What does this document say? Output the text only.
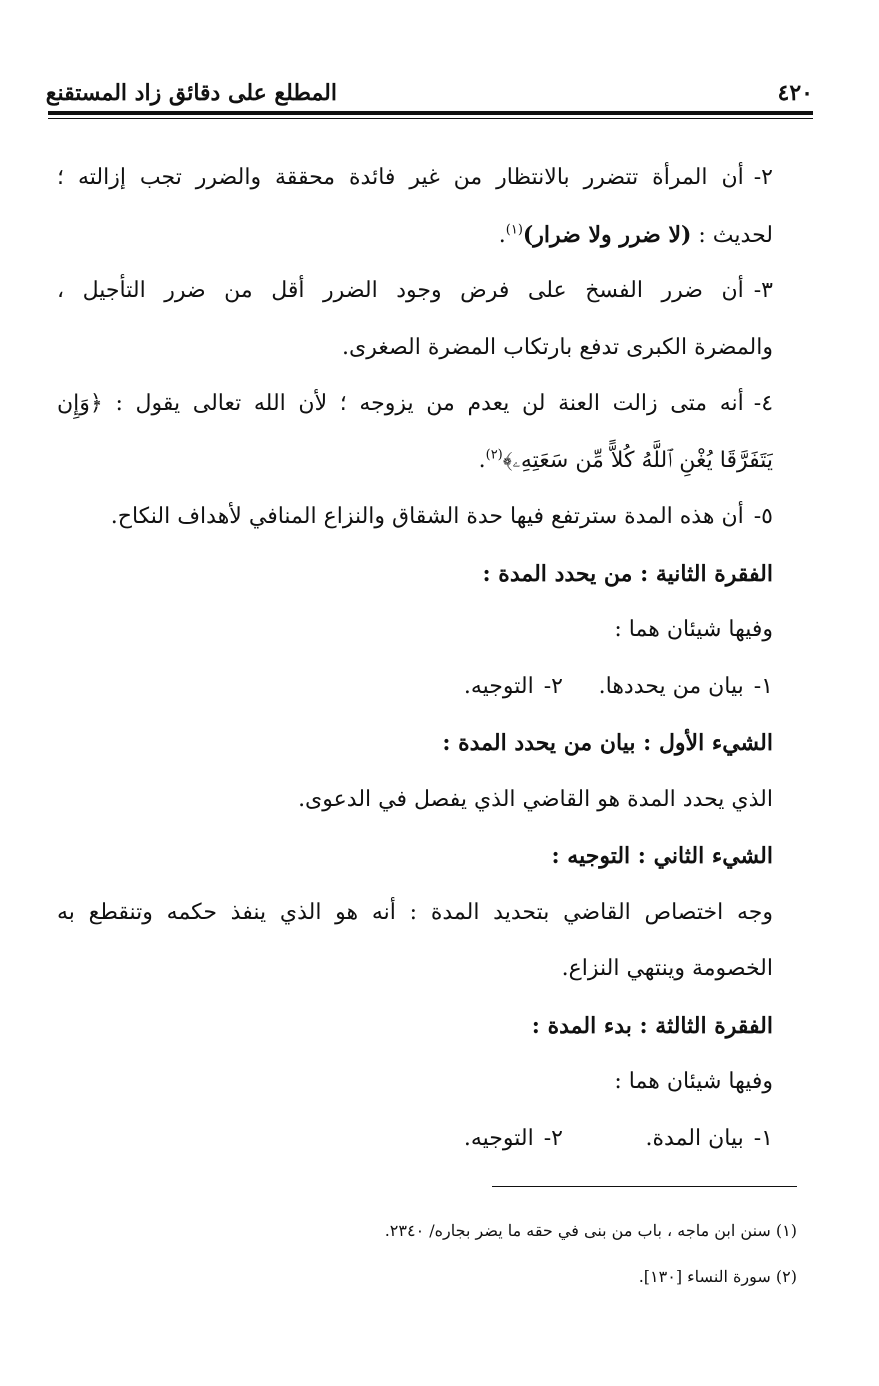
٤٢٠
المطلع على دقائق زاد المستقنع
٢-أن المرأة تتضرر بالانتظار من غير فائدة محققة والضرر تجب إزالته ؛
لحديث : (لا ضرر ولا ضرار)$^{(١)}$.
٣-أن ضرر الفسخ على فرض وجود الضرر أقل من ضرر التأجيل ،
والمضرة الكبرى تدفع بارتكاب المضرة الصغرى.
٤-أنه متى زالت العنة لن يعدم من يزوجه ؛ لأن الله تعالى يقول : ﴿وَإِن
يَتَفَرَّقَا يُغْنِ ٱللَّهُ كُلاًّ مِّن سَعَتِهِۦ﴾$^{(٢)}$.
٥-أن هذه المدة سترتفع فيها حدة الشقاق والنزاع المنافي لأهداف النكاح.
الفقرة الثانية : من يحدد المدة :
وفيها شيئان هما :
١-بيان من يحددها.
٢-التوجيه.
الشيء الأول : بيان من يحدد المدة :
الذي يحدد المدة هو القاضي الذي يفصل في الدعوى.
الشيء الثاني : التوجيه :
وجه اختصاص القاضي بتحديد المدة : أنه هو الذي ينفذ حكمه وتنقطع به
الخصومة وينتهي النزاع.
الفقرة الثالثة : بدء المدة :
وفيها شيئان هما :
١-بيان المدة.
٢-التوجيه.
(١) سنن ابن ماجه ، باب من بنى في حقه ما يضر بجاره/ ٢٣٤٠.
(٢) سورة النساء [١٣٠].
